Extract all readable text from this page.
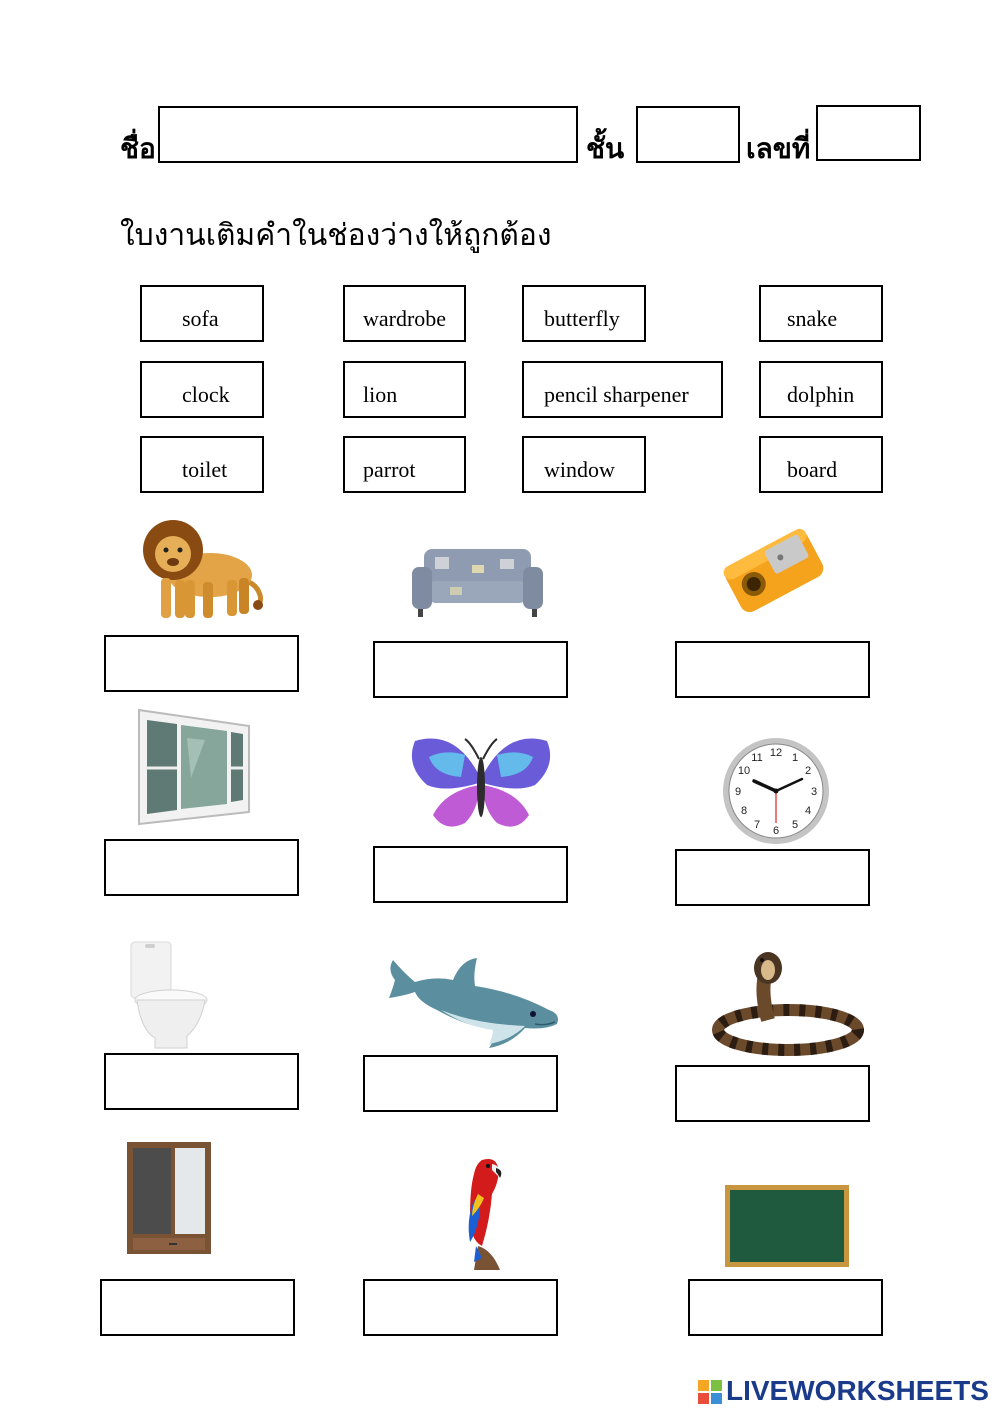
ชื่อ	ชั้น	เลขที่
ใบงานเติมคำในช่องว่างให้ถูกต้อง
sofa	wardrobe	butterfly	snake
clock	lion	pencil sharpener	dolphin
toilet	parrot	window	board
12 1
2
3
4
5
6
7
8
9
10
11
LIVEWORKSHEETS
